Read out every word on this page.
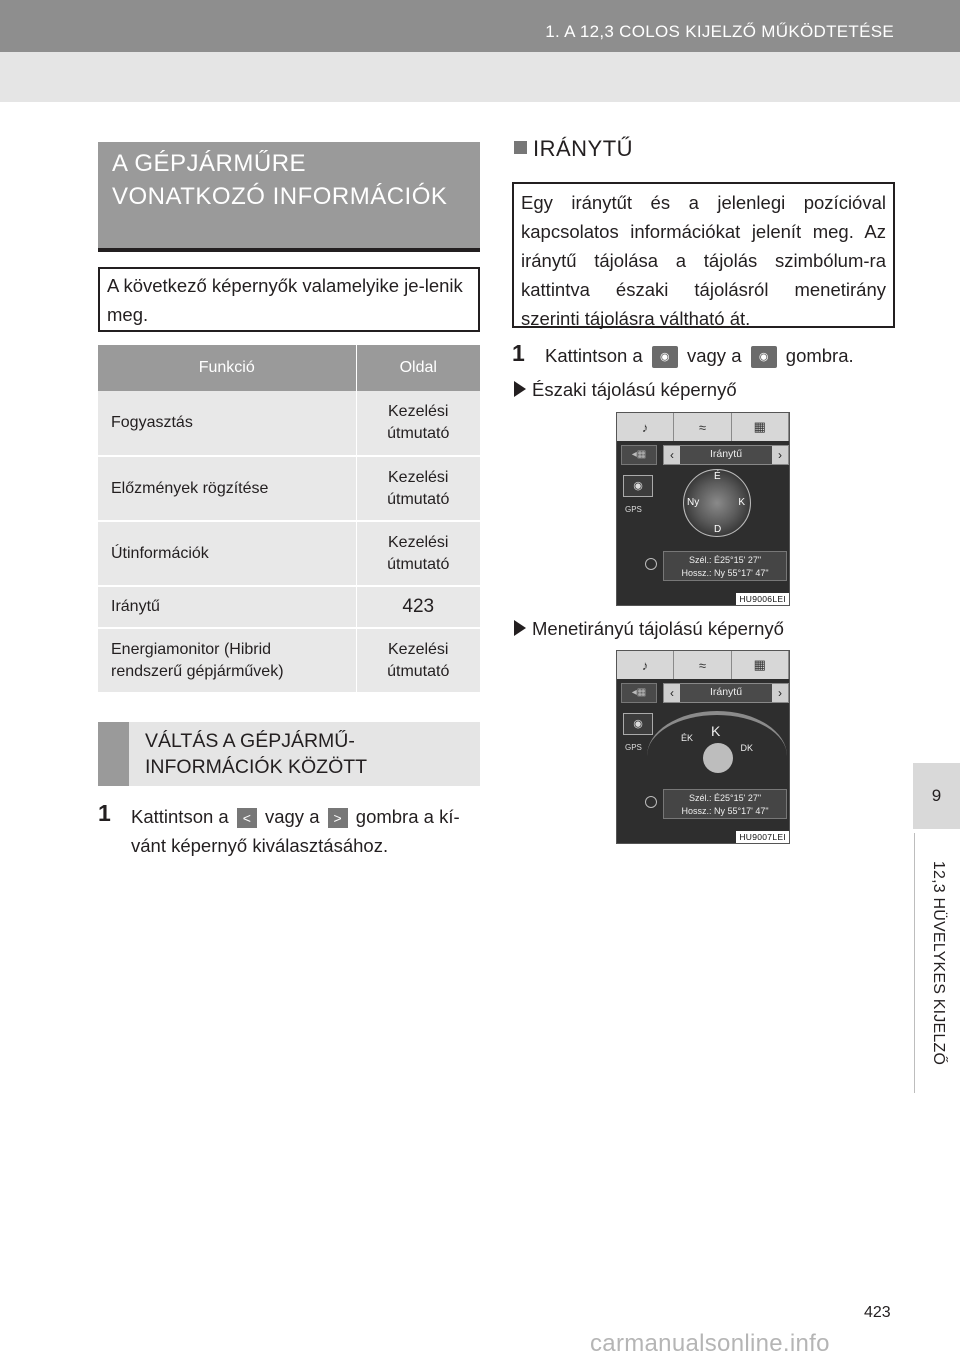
1. A 12,3 COLOS KIJELZŐ MŰKÖDTETÉSE
9
12,3 HÜVELYKES KIJELZŐ
A GÉPJÁRMŰRE VONATKOZÓ INFORMÁCIÓK
A következő képernyők valamelyike je-lenik meg.
Funkció	Oldal
Fogyasztás	Kezelési útmutató
Előzmények rögzítése	Kezelési útmutató
Útinformációk	Kezelési útmutató
Iránytű	423
Energiamonitor (Hibrid rendszerű gépjárművek)	Kezelési útmutató
VÁLTÁS A GÉPJÁRMŰ-INFORMÁCIÓK KÖZÖTT
1 Kattintson a < vagy a > gombra a kí-vánt képernyő kiválasztásához.
IRÁNYTŰ
Egy iránytűt és a jelenlegi pozícióval kapcsolatos információkat jelenít meg. Az iránytű tájolása a tájolás szimbólum-ra kattintva északi tájolásról menetirány szerinti tájolásra váltható át.
1 Kattintson a ◉ vagy a ◉ gombra.
Északi tájolású képernyő
♪	≈	▦
◂▦	‹	Iránytű	›
◉
GPS
É
Ny	K
D
Szél.: É25°15' 27"
Hossz.: Ny 55°17' 47"
HU9006LEI
Menetirányú tájolású képernyő
♪	≈	▦
◂▦	‹	Iránytű	›
◉
GPS
K
ÉK
DK
Szél.: É25°15' 27"
Hossz.: Ny 55°17' 47"
HU9007LEI
423
carmanualsonline.info
